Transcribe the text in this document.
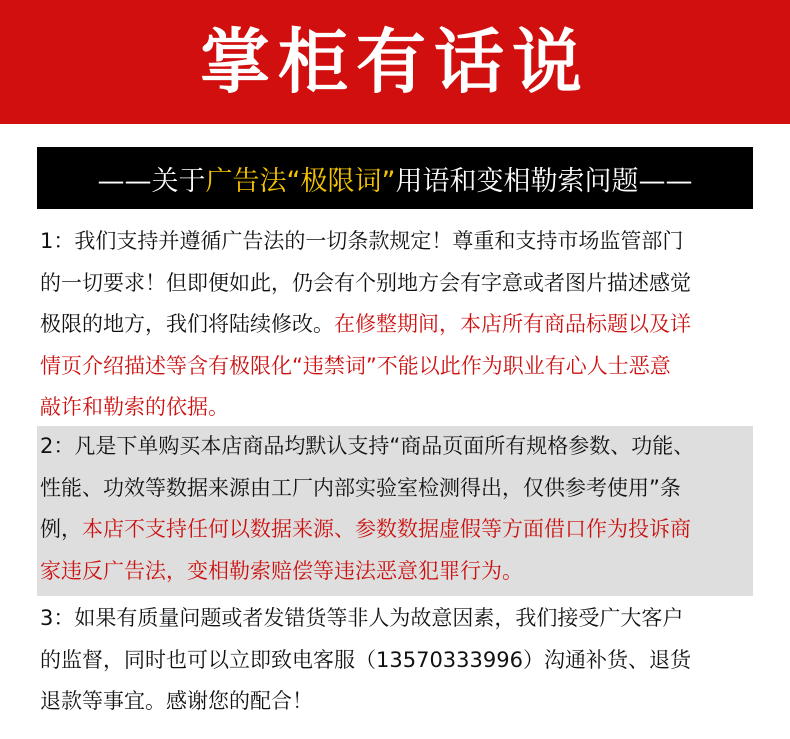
掌柜有话说
——关于 广告法“极限词” 用语和变相勒索问题——
1：我们支持并遵循广告法的一切条款规定！尊重和支持市场监管部门
的一切要求！但即便如此，仍会有个别地方会有字意或者图片描述感觉
极限的地方，我们将陆续修改。在修整期间，本店所有商品标题以及详
情页介绍描述等含有极限化“违禁词”不能以此作为职业有心人士恶意
敲诈和勒索的依据。
2：凡是下单购买本店商品均默认支持“商品页面所有规格参数、功能、
性能、功效等数据来源由工厂内部实验室检测得出，仅供参考使用”条
例，本店不支持任何以数据来源、参数数据虚假等方面借口作为投诉商
家违反广告法，变相勒索赔偿等违法恶意犯罪行为。
3：如果有质量问题或者发错货等非人为故意因素，我们接受广大客户
的监督，同时也可以立即致电客服（13570333996）沟通补货、退货
退款等事宜。感谢您的配合！
